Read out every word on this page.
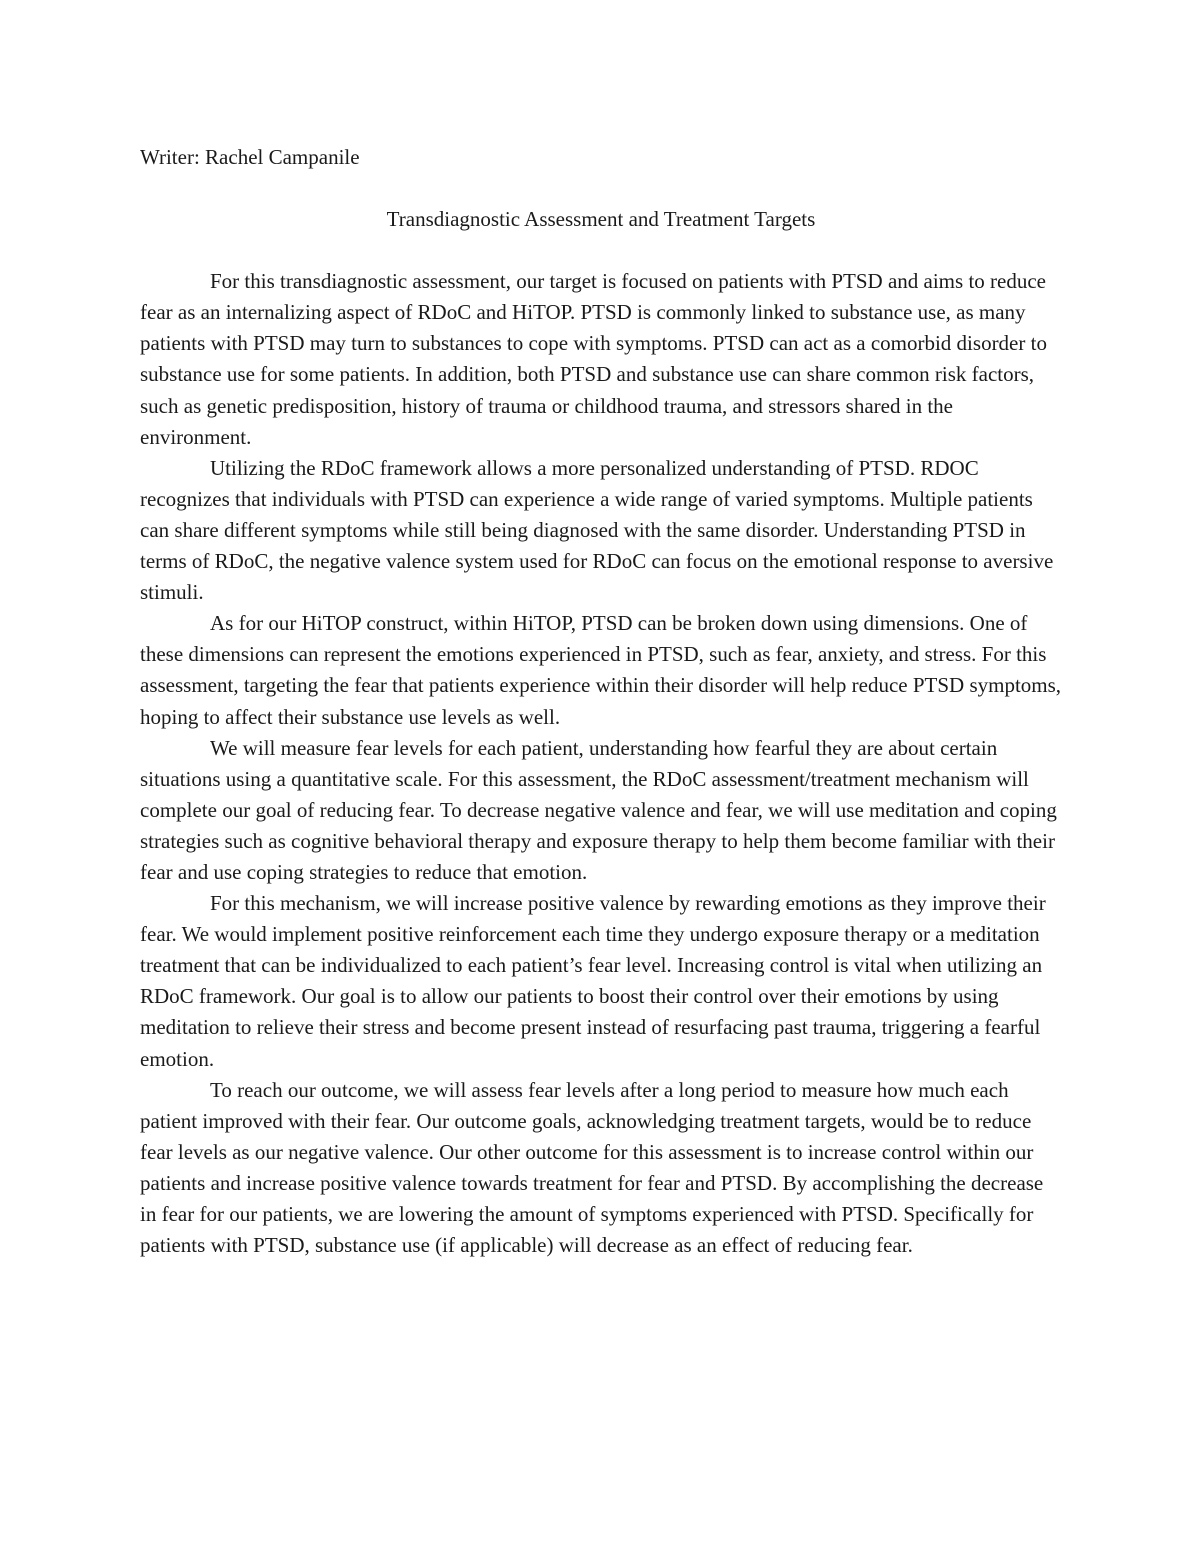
Writer: Rachel Campanile

Transdiagnostic Assessment and Treatment Targets

For this transdiagnostic assessment, our target is focused on patients with PTSD and aims to reduce fear as an internalizing aspect of RDoC and HiTOP. PTSD is commonly linked to substance use, as many patients with PTSD may turn to substances to cope with symptoms. PTSD can act as a comorbid disorder to substance use for some patients. In addition, both PTSD and substance use can share common risk factors, such as genetic predisposition, history of trauma or childhood trauma, and stressors shared in the environment.

Utilizing the RDoC framework allows a more personalized understanding of PTSD. RDOC recognizes that individuals with PTSD can experience a wide range of varied symptoms. Multiple patients can share different symptoms while still being diagnosed with the same disorder. Understanding PTSD in terms of RDoC, the negative valence system used for RDoC can focus on the emotional response to aversive stimuli.

As for our HiTOP construct, within HiTOP, PTSD can be broken down using dimensions. One of these dimensions can represent the emotions experienced in PTSD, such as fear, anxiety, and stress. For this assessment, targeting the fear that patients experience within their disorder will help reduce PTSD symptoms, hoping to affect their substance use levels as well.

We will measure fear levels for each patient, understanding how fearful they are about certain situations using a quantitative scale. For this assessment, the RDoC assessment/treatment mechanism will complete our goal of reducing fear. To decrease negative valence and fear, we will use meditation and coping strategies such as cognitive behavioral therapy and exposure therapy to help them become familiar with their fear and use coping strategies to reduce that emotion.

For this mechanism, we will increase positive valence by rewarding emotions as they improve their fear. We would implement positive reinforcement each time they undergo exposure therapy or a meditation treatment that can be individualized to each patient’s fear level. Increasing control is vital when utilizing an RDoC framework. Our goal is to allow our patients to boost their control over their emotions by using meditation to relieve their stress and become present instead of resurfacing past trauma, triggering a fearful emotion.

To reach our outcome, we will assess fear levels after a long period to measure how much each patient improved with their fear. Our outcome goals, acknowledging treatment targets, would be to reduce fear levels as our negative valence. Our other outcome for this assessment is to increase control within our patients and increase positive valence towards treatment for fear and PTSD. By accomplishing the decrease in fear for our patients, we are lowering the amount of symptoms experienced with PTSD. Specifically for patients with PTSD, substance use (if applicable) will decrease as an effect of reducing fear.
